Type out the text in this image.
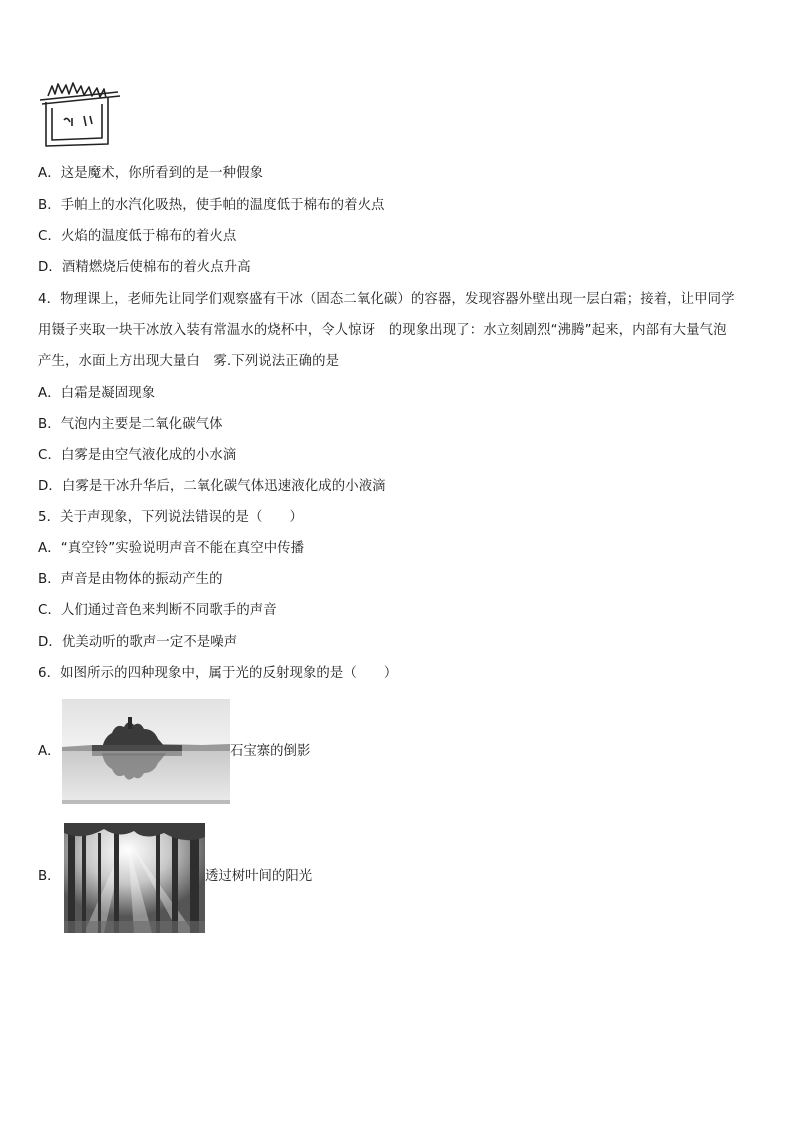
A．这是魔术，你所看到的是一种假象
B．手帕上的水汽化吸热，使手帕的温度低于棉布的着火点
C．火焰的温度低于棉布的着火点
D．酒精燃烧后使棉布的着火点升高
4．物理课上，老师先让同学们观察盛有干冰（固态二氧化碳）的容器，发现容器外壁出现一层白霜；接着，让甲同学
用镊子夹取一块干冰放入装有常温水的烧杯中，令人惊讶　的现象出现了：水立刻剧烈“沸腾”起来，内部有大量气泡
产生，水面上方出现大量白　雾.下列说法正确的是
A．白霜是凝固现象
B．气泡内主要是二氧化碳气体
C．白雾是由空气液化成的小水滴
D．白雾是干冰升华后，二氧化碳气体迅速液化成的小液滴
5．关于声现象，下列说法错误的是（　　）
A．“真空铃”实验说明声音不能在真空中传播
B．声音是由物体的振动产生的
C．人们通过音色来判断不同歌手的声音
D．优美动听的歌声一定不是噪声
6．如图所示的四种现象中，属于光的反射现象的是（　　）
A．	石宝寨的倒影
B．	透过树叶间的阳光
